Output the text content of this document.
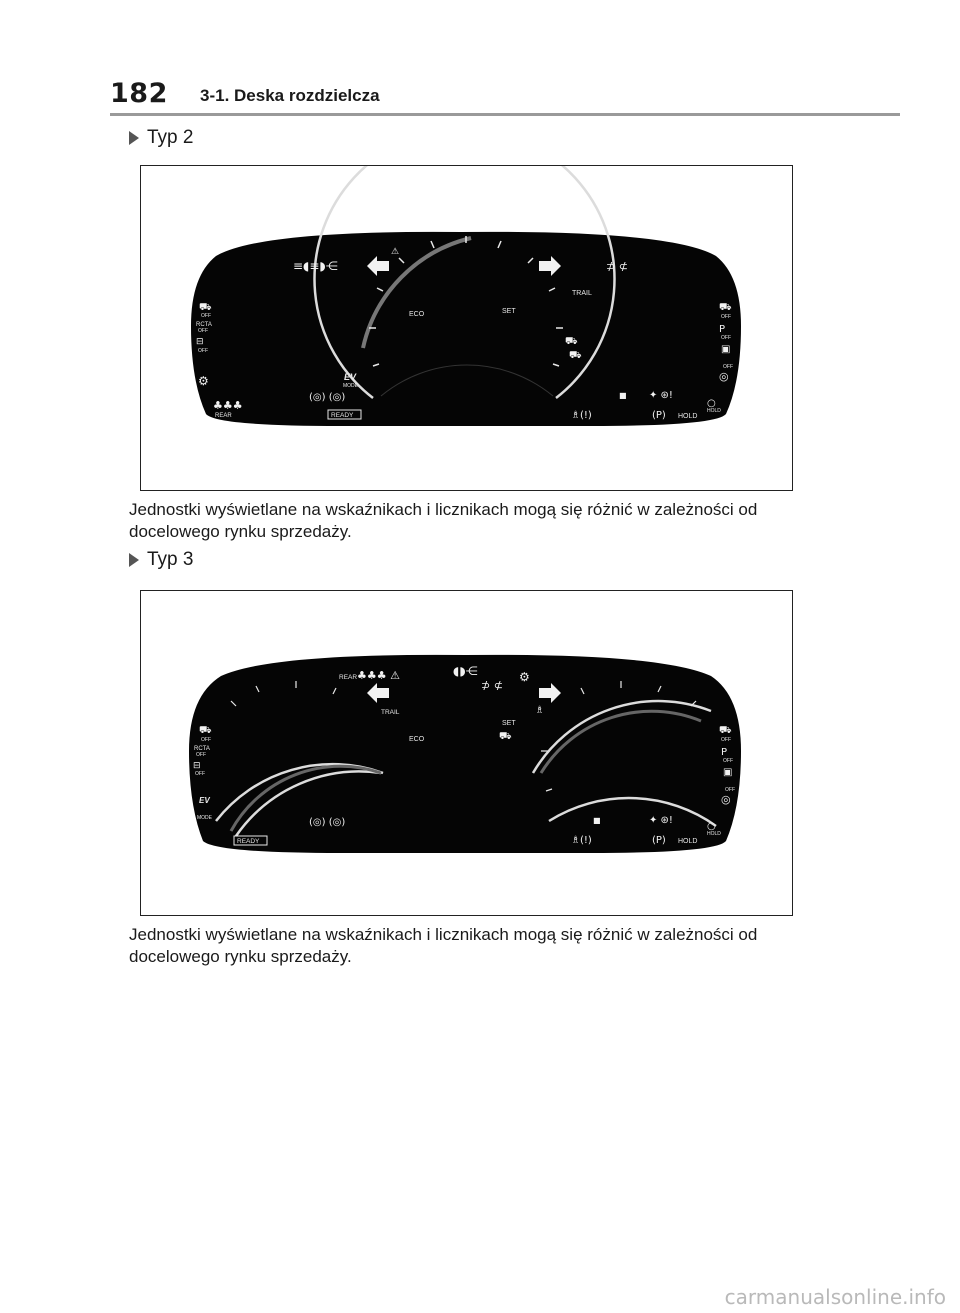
182 3-1. Deska rozdzielcza
Typ 2
ECO	SET
TRAIL
≡◖≡◗⋲	⊅ ⊄
⚠
⛟
OFF
RCTA
OFF
⊟
OFF
⚙
♣♣♣
REAR
EV
MODE
(◎) (◎)
READY
⛟
OFF
P
OFF
▣
OFF
◎
○
HOLD
■ ✦ ⊛!
♗(!)	(P) HOLD
⛟
⛟
Jednostki wyświetlane na wskaźnikach i licznikach mogą się różnić w zależności od docelowego rynku sprzedaży.
Typ 3
TRAIL
ECO
SET
⛟
REAR ♣♣♣ ⚠	◖◗⋲
⊅ ⊄
⚙
♗
⛟
OFF
RCTA
OFF
⊟
OFF
EV
MODE	(◎) (◎)
READY
⛟
OFF
P
OFF
▣
OFF
◎
○
HOLD
■	✦ ⊛!
♗(!)	(P) HOLD
Jednostki wyświetlane na wskaźnikach i licznikach mogą się różnić w zależności od docelowego rynku sprzedaży.
carmanualsonline.info
